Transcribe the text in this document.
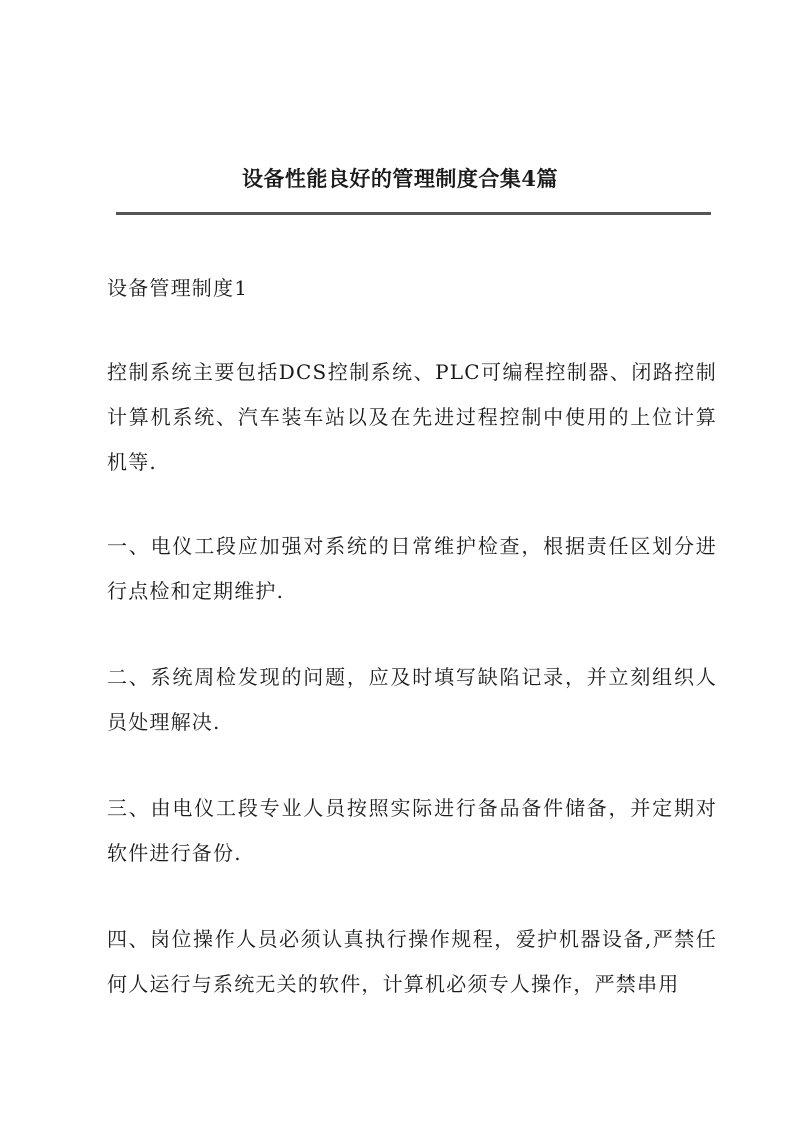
设备性能良好的管理制度合集4篇

设备管理制度1

控制系统主要包括DCS控制系统、PLC可编程控制器、闭路控制计算机系统、汽车装车站以及在先进过程控制中使用的上位计算机等.

一、电仪工段应加强对系统的日常维护检查，根据责任区划分进行点检和定期维护.

二、系统周检发现的问题，应及时填写缺陷记录，并立刻组织人员处理解决.

三、由电仪工段专业人员按照实际进行备品备件储备，并定期对软件进行备份.

四、岗位操作人员必须认真执行操作规程，爱护机器设备,严禁任何人运行与系统无关的软件，计算机必须专人操作，严禁串用
